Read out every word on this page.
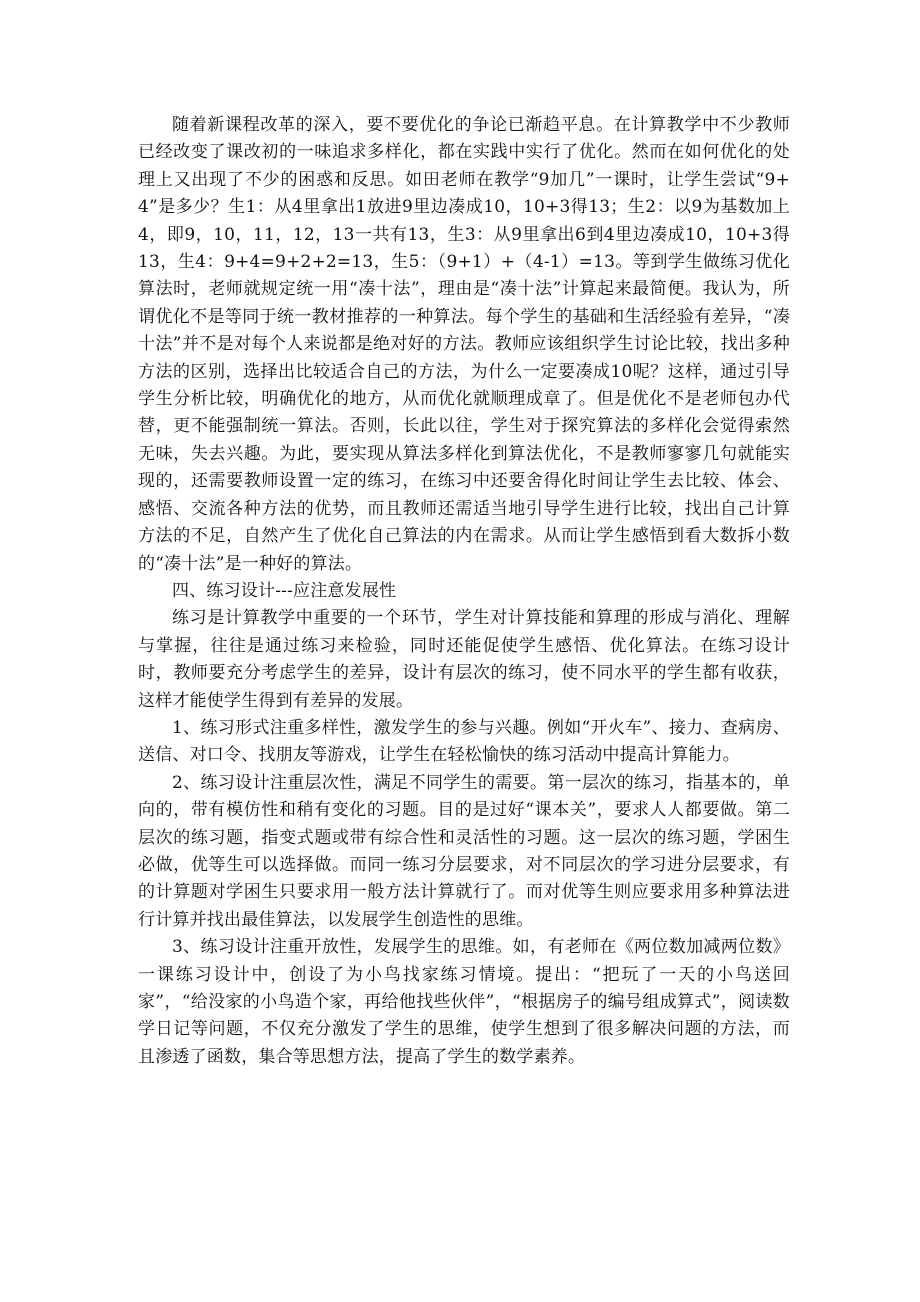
随着新课程改革的深入，要不要优化的争论已渐趋平息。在计算教学中不少教师已经改变了课改初的一味追求多样化，都在实践中实行了优化。然而在如何优化的处理上又出现了不少的困惑和反思。如田老师在教学“9加几”一课时，让学生尝试“9+4”是多少？生1：从4里拿出1放进9里边凑成10，10+3得13；生2：以9为基数加上4，即9，10，11，12，13一共有13，生3：从9里拿出6到4里边凑成10，10+3得13，生4：9+4=9+2+2=13，生5：（9+1）+（4-1）=13。等到学生做练习优化算法时，老师就规定统一用“凑十法”，理由是“凑十法”计算起来最简便。我认为，所谓优化不是等同于统一教材推荐的一种算法。每个学生的基础和生活经验有差异，“凑十法”并不是对每个人来说都是绝对好的方法。教师应该组织学生讨论比较，找出多种方法的区别，选择出比较适合自己的方法，为什么一定要凑成10呢？这样，通过引导学生分析比较，明确优化的地方，从而优化就顺理成章了。但是优化不是老师包办代替，更不能强制统一算法。否则，长此以往，学生对于探究算法的多样化会觉得索然无味，失去兴趣。为此，要实现从算法多样化到算法优化，不是教师寥寥几句就能实现的，还需要教师设置一定的练习，在练习中还要舍得化时间让学生去比较、体会、感悟、交流各种方法的优势，而且教师还需适当地引导学生进行比较，找出自己计算方法的不足，自然产生了优化自己算法的内在需求。从而让学生感悟到看大数拆小数的“凑十法”是一种好的算法。

四、练习设计---应注意发展性

练习是计算教学中重要的一个环节，学生对计算技能和算理的形成与消化、理解与掌握，往往是通过练习来检验，同时还能促使学生感悟、优化算法。在练习设计时，教师要充分考虑学生的差异，设计有层次的练习，使不同水平的学生都有收获，这样才能使学生得到有差异的发展。

1、练习形式注重多样性，激发学生的参与兴趣。例如“开火车”、接力、查病房、送信、对口令、找朋友等游戏，让学生在轻松愉快的练习活动中提高计算能力。

2、练习设计注重层次性，满足不同学生的需要。第一层次的练习，指基本的，单向的，带有模仿性和稍有变化的习题。目的是过好“课本关”，要求人人都要做。第二层次的练习题，指变式题或带有综合性和灵活性的习题。这一层次的练习题，学困生必做，优等生可以选择做。而同一练习分层要求，对不同层次的学习进分层要求，有的计算题对学困生只要求用一般方法计算就行了。而对优等生则应要求用多种算法进行计算并找出最佳算法，以发展学生创造性的思维。

3、练习设计注重开放性，发展学生的思维。如，有老师在《两位数加减两位数》一课练习设计中，创设了为小鸟找家练习情境。提出：“把玩了一天的小鸟送回家”，“给没家的小鸟造个家，再给他找些伙伴”，“根据房子的编号组成算式”，阅读数学日记等问题，不仅充分激发了学生的思维，使学生想到了很多解决问题的方法，而且渗透了函数，集合等思想方法，提高了学生的数学素养。
